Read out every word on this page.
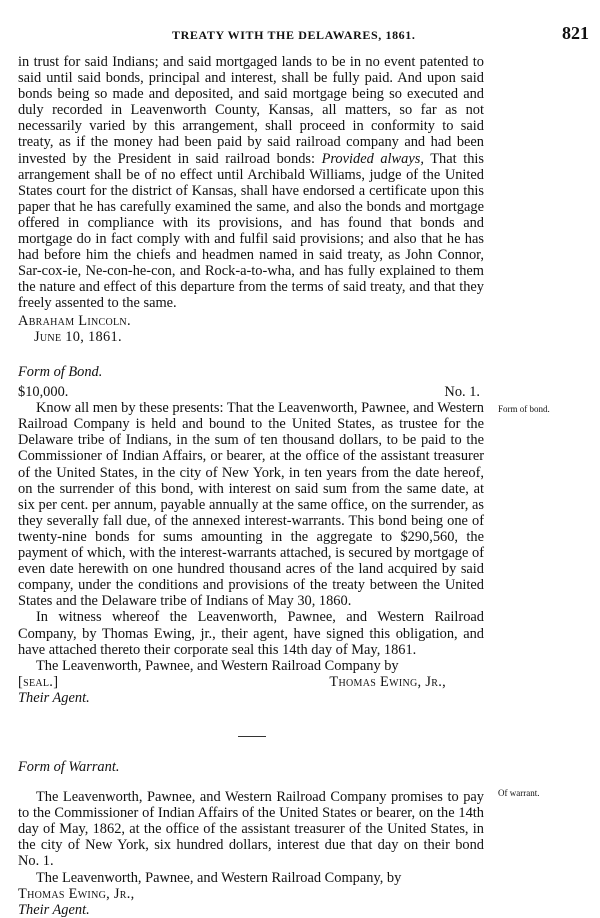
TREATY WITH THE DELAWARES, 1861.	821

in trust for said Indians; and said mortgaged lands to be in no event patented to said until said bonds, principal and interest, shall be fully paid. And upon said bonds being so made and deposited, and said mortgage being so executed and duly recorded in Leavenworth County, Kansas, all matters, so far as not necessarily varied by this arrangement, shall proceed in conformity to said treaty, as if the money had been paid by said railroad company and had been invested by the President in said railroad bonds: Provided always, That this arrangement shall be of no effect until Archibald Williams, judge of the United States court for the district of Kansas, shall have endorsed a certificate upon this paper that he has carefully examined the same, and also the bonds and mortgage offered in compliance with its provisions, and has found that bonds and mortgage do in fact comply with and fulfil said provisions; and also that he has had before him the chiefs and headmen named in said treaty, as John Connor, Sar-cox-ie, Ne-con-he-con, and Rock-a-to-wha, and has fully explained to them the nature and effect of this departure from the terms of said treaty, and that they freely assented to the same.

Abraham Lincoln.

June 10, 1861.

Form of Bond.

$10,000.	No. 1.

Know all men by these presents: That the Leavenworth, Pawnee, and Western Railroad Company is held and bound to the United States, as trustee for the Delaware tribe of Indians, in the sum of ten thousand dollars, to be paid to the Commissioner of Indian Affairs, or bearer, at the office of the assistant treasurer of the United States, in the city of New York, in ten years from the date hereof, on the surrender of this bond, with interest on said sum from the same date, at six per cent. per annum, payable annually at the same office, on the surrender, as they severally fall due, of the annexed interest-warrants. This bond being one of twenty-nine bonds for sums amounting in the aggregate to $290,560, the payment of which, with the interest-warrants attached, is secured by mortgage of even date herewith on one hundred thousand acres of the land acquired by said company, under the conditions and provisions of the treaty between the United States and the Delaware tribe of Indians of May 30, 1860.

In witness whereof the Leavenworth, Pawnee, and Western Railroad Company, by Thomas Ewing, jr., their agent, have signed this obligation, and have attached thereto their corporate seal this 14th day of May, 1861.

The Leavenworth, Pawnee, and Western Railroad Company by

[seal.]	Thomas Ewing, Jr.,

Their Agent.

Form of bond.

Form of Warrant.

The Leavenworth, Pawnee, and Western Railroad Company promises to pay to the Commissioner of Indian Affairs of the United States or bearer, on the 14th day of May, 1862, at the office of the assistant treasurer of the United States, in the city of New York, six hundred dollars, interest due that day on their bond No. 1.

The Leavenworth, Pawnee, and Western Railroad Company, by

Thomas Ewing, Jr.,

Their Agent.

Of warrant.
